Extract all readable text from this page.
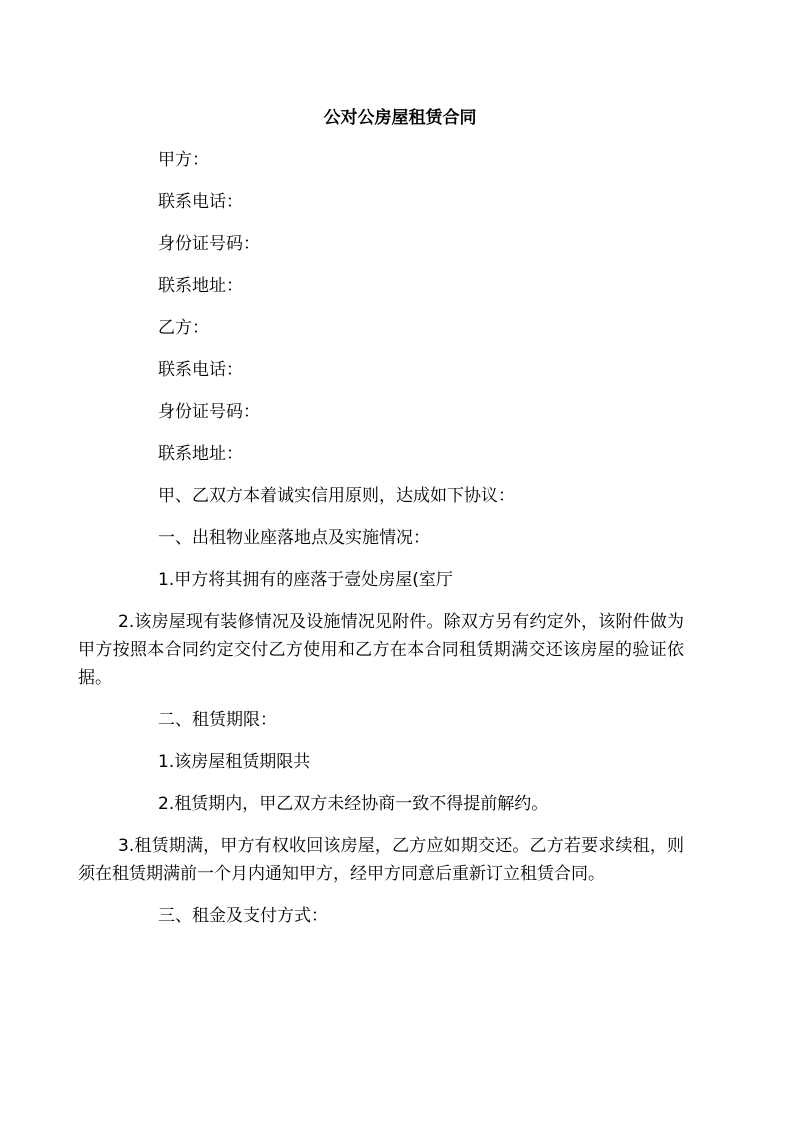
公对公房屋租赁合同

甲方：

联系电话：

身份证号码：

联系地址：

乙方：

联系电话：

身份证号码：

联系地址：

甲、乙双方本着诚实信用原则，达成如下协议：

一、出租物业座落地点及实施情况：

1.甲方将其拥有的座落于壹处房屋(室厅

2.该房屋现有装修情况及设施情况见附件。除双方另有约定外，该附件做为甲方按照本合同约定交付乙方使用和乙方在本合同租赁期满交还该房屋的验证依据。

二、租赁期限：

1.该房屋租赁期限共

2.租赁期内，甲乙双方未经协商一致不得提前解约。

3.租赁期满，甲方有权收回该房屋，乙方应如期交还。乙方若要求续租，则须在租赁期满前一个月内通知甲方，经甲方同意后重新订立租赁合同。

三、租金及支付方式：
